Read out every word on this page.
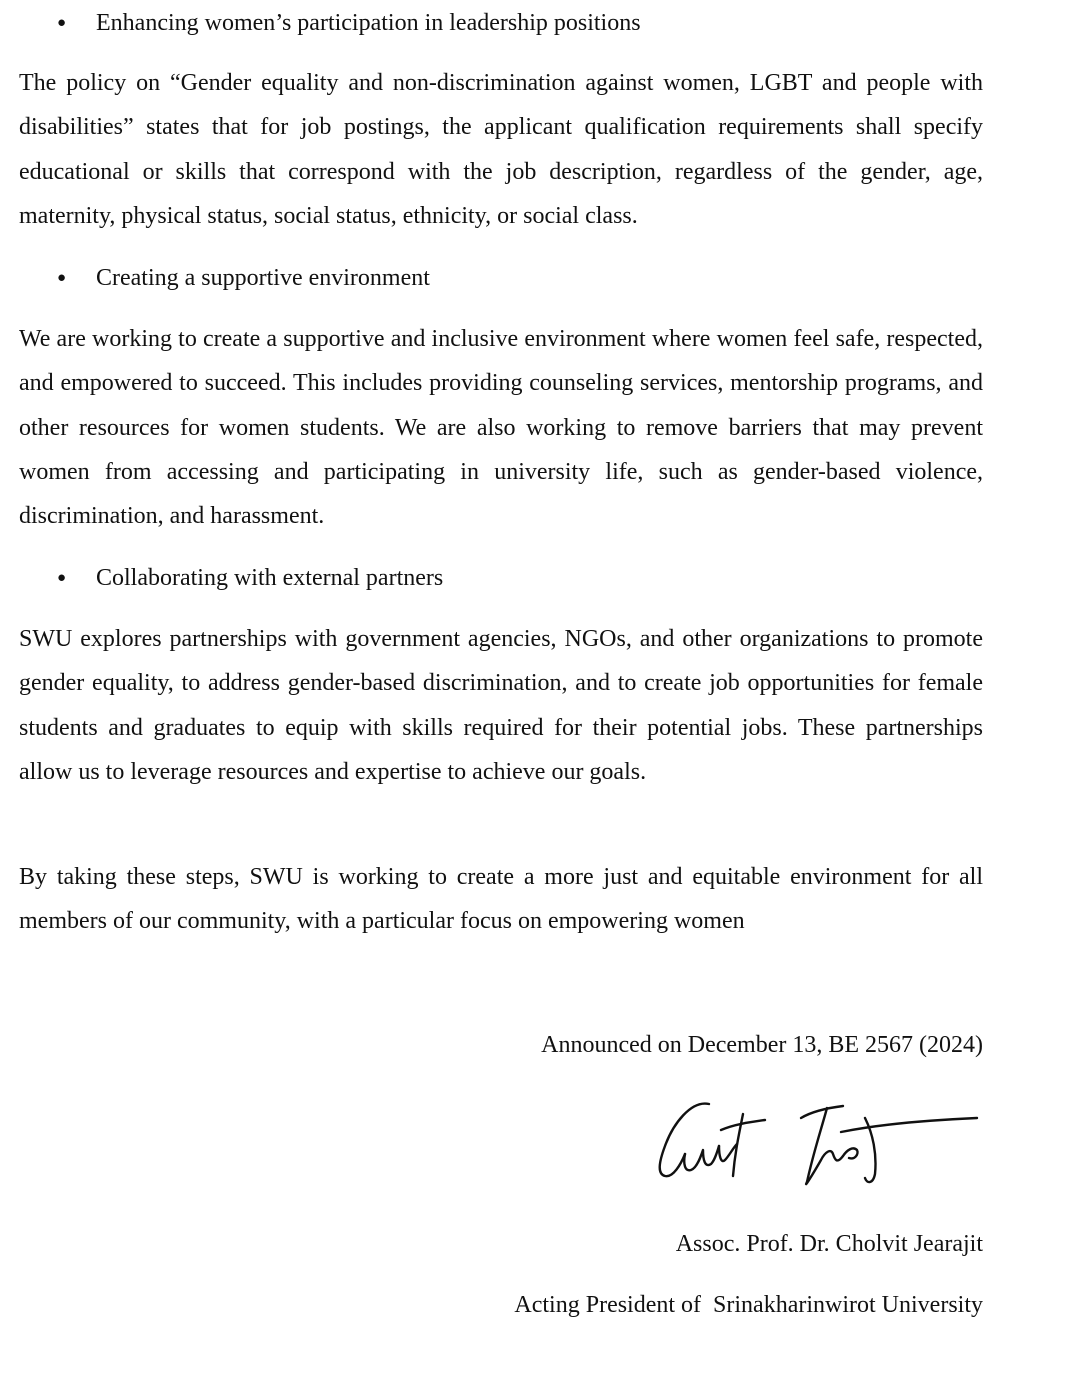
● Enhancing women’s participation in leadership positions

The policy on “Gender equality and non-discrimination against women, LGBT and people with disabilities” states that for job postings, the applicant qualification requirements shall specify educational or skills that correspond with the job description, regardless of the gender, age, maternity, physical status, social status, ethnicity, or social class.

● Creating a supportive environment

We are working to create a supportive and inclusive environment where women feel safe, respected, and empowered to succeed. This includes providing counseling services, mentorship programs, and other resources for women students. We are also working to remove barriers that may prevent women from accessing and participating in university life, such as gender-based violence, discrimination, and harassment.

● Collaborating with external partners

SWU explores partnerships with government agencies, NGOs, and other organizations to promote gender equality, to address gender-based discrimination, and to create job opportunities for female students and graduates to equip with skills required for their potential jobs. These partnerships allow us to leverage resources and expertise to achieve our goals.

By taking these steps, SWU is working to create a more just and equitable environment for all members of our community, with a particular focus on empowering women

Announced on December 13, BE 2567 (2024)
Assoc. Prof. Dr. Cholvit Jearajit
Acting President of  Srinakharinwirot University
